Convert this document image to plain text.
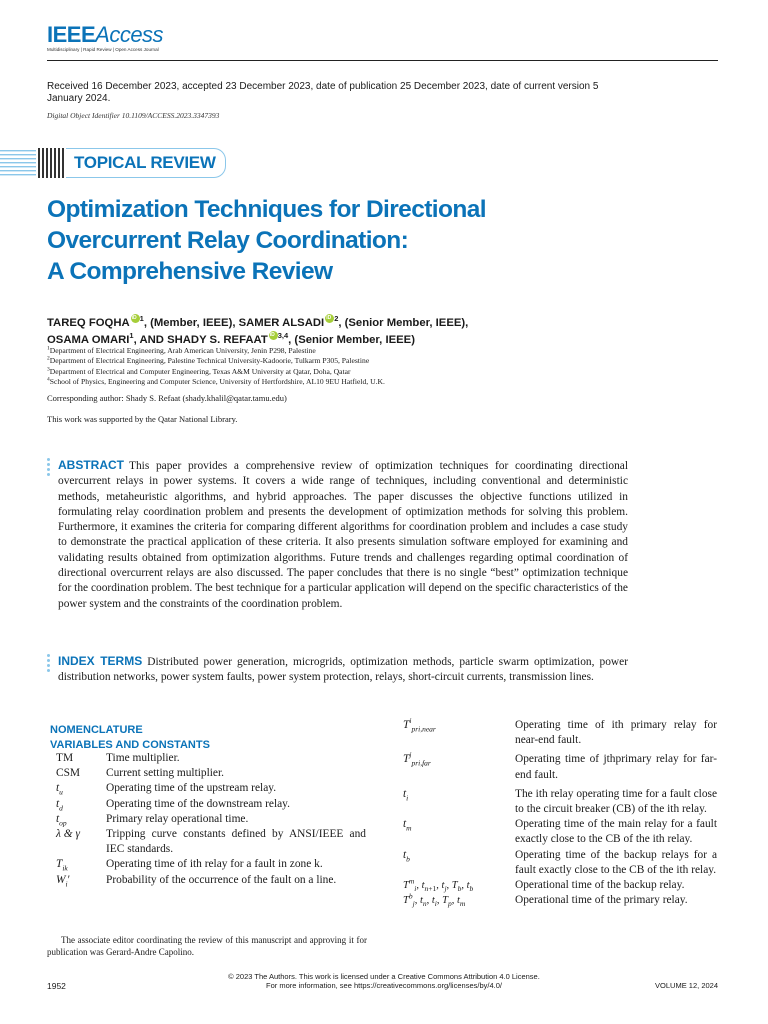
IEEEAccess
Multidisciplinary | Rapid Review | Open Access Journal
Received 16 December 2023, accepted 23 December 2023, date of publication 25 December 2023, date of current version 5 January 2024.
Digital Object Identifier 10.1109/ACCESS.2023.3347393
TOPICAL REVIEW
Optimization Techniques for Directional
Overcurrent Relay Coordination:
A Comprehensive Review
TAREQ FOQHA iD $^1$, (Member, IEEE), SAMER ALSADI iD $^2$, (Senior Member, IEEE),
OSAMA OMARI$^1$, AND SHADY S. REFAAT iD $^{3,4}$, (Senior Member, IEEE)
$^1$Department of Electrical Engineering, Arab American University, Jenin P298, Palestine
$^2$Department of Electrical Engineering, Palestine Technical University-Kadoorie, Tulkarm P305, Palestine
$^3$Department of Electrical and Computer Engineering, Texas A&M University at Qatar, Doha, Qatar
$^4$School of Physics, Engineering and Computer Science, University of Hertfordshire, AL10 9EU Hatfield, U.K.
Corresponding author: Shady S. Refaat (shady.khalil@qatar.tamu.edu)
This work was supported by the Qatar National Library.
ABSTRACT This paper provides a comprehensive review of optimization techniques for coordinating directional overcurrent relays in power systems. It covers a wide range of techniques, including conventional and deterministic methods, metaheuristic algorithms, and hybrid approaches. The paper discusses the objective functions utilized in formulating relay coordination problem and presents the development of optimization methods for solving this problem. Furthermore, it examines the criteria for comparing different algorithms for coordination problem and includes a case study to demonstrate the practical application of these criteria. It also presents simulation software employed for examining and validating results obtained from optimization algorithms. Future trends and challenges regarding optimal coordination of directional overcurrent relays are also discussed. The paper concludes that there is no single “best” optimization technique for the coordination problem. The best technique for a particular application will depend on the specific characteristics of the power system and the constraints of the coordination problem.
INDEX TERMS Distributed power generation, microgrids, optimization methods, particle swarm optimization, power distribution networks, power system faults, power system protection, relays, short-circuit currents, transmission lines.
NOMENCLATURE
VARIABLES AND CONSTANTS
TM	Time multiplier.
CSM	Current setting multiplier.
$t_u$	Operating time of the upstream relay.
$t_d$	Operating time of the downstream relay.
$t_{op}$	Primary relay operational time.
λ & γ	Tripping curve constants defined by ANSI/IEEE and IEC standards.
$T_{ik}$	Operating time of ith relay for a fault in zone k.
$W_i'$	Probability of the occurrence of the fault on a line.
The associate editor coordinating the review of this manuscript and approving it for publication was Gerard-Andre Capolino.
$T^i_{pri,near}$	Operating time of ith primary relay for near-end fault.
$T^j_{pri,far}$	Operating time of jthprimary relay for far-end fault.
$t_i$	The ith relay operating time for a fault close to the circuit breaker (CB) of the ith relay.
$t_m$	Operating time of the main relay for a fault exactly close to the CB of the ith relay.
$t_b$	Operating time of the backup relays for a fault exactly close to the CB of the ith relay.
$T^m_i$, $t_{n+1}$, $t_j$, $T_b$, $t_b$	Operational time of the backup relay.
$T^b_j$, $t_n$, $t_i$, $T_p$, $t_m$	Operational time of the primary relay.
© 2023 The Authors. This work is licensed under a Creative Commons Attribution 4.0 License.
For more information, see https://creativecommons.org/licenses/by/4.0/
1952	VOLUME 12, 2024
